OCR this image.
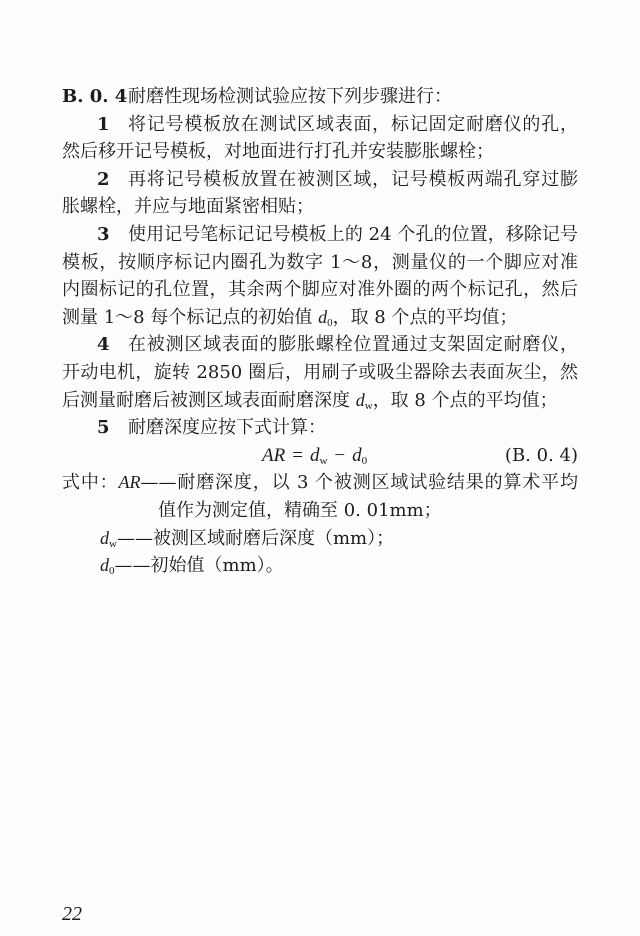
B. 0. 4耐磨性现场检测试验应按下列步骤进行：
1	将记号模板放在测试区域表面，标记固定耐磨仪的孔，
然后移开记号模板，对地面进行打孔并安装膨胀螺栓；
2	再将记号模板放置在被测区域，记号模板两端孔穿过膨
胀螺栓，并应与地面紧密相贴；
3	使用记号笔标记记号模板上的 24 个孔的位置，移除记号
模板，按顺序标记内圈孔为数字 1～8，测量仪的一个脚应对准
内圈标记的孔位置，其余两个脚应对准外圈的两个标记孔，然后
测量 1～8 每个标记点的初始值 d0，取 8 个点的平均值；
4	在被测区域表面的膨胀螺栓位置通过支架固定耐磨仪，
开动电机，旋转 2850 圈后，用刷子或吸尘器除去表面灰尘，然
后测量耐磨后被测区域表面耐磨深度 dw，取 8 个点的平均值；
5	耐磨深度应按下式计算：
AR = dw − d0	(B. 0. 4)
式中：AR——耐磨深度，以 3 个被测区域试验结果的算术平均
值作为测定值，精确至 0. 01mm；
dw——被测区域耐磨后深度（mm）；
d0——初始值（mm）。
22
